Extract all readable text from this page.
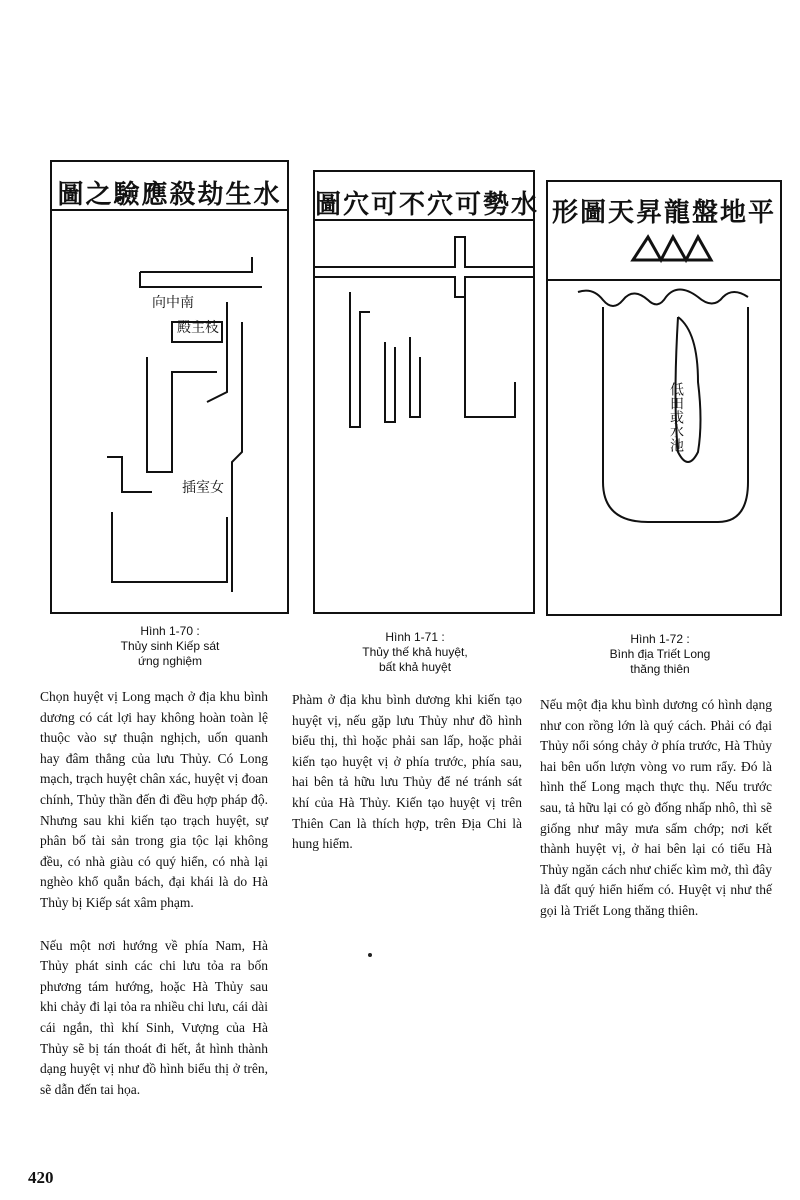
圖之驗應殺劫生水
向中南
殿主枝
插室女
Hình 1-70 :
Thủy sinh Kiếp sát
ứng nghiệm
圖穴可不穴可勢水
Hình 1-71 :
Thủy thế khả huyệt,
bất khả huyệt
形圖天昇龍盤地平
低田或水池
Hình 1-72 :
Bình địa Triết Long
thăng thiên

Chọn huyệt vị Long mạch ở địa khu bình dương có cát lợi hay không hoàn toàn lệ thuộc vào sự thuận nghịch, uốn quanh hay đâm thẳng của lưu Thủy. Có Long mạch, trạch huyệt chân xác, huyệt vị đoan chính, Thủy thần đến đi đều hợp pháp độ. Nhưng sau khi kiến tạo trạch huyệt, sự phân bố tài sản trong gia tộc lại không đều, có nhà giàu có quý hiển, có nhà lại nghèo khổ quẫn bách, đại khái là do Hà Thủy bị Kiếp sát xâm phạm.

Nếu một nơi hướng về phía Nam, Hà Thủy phát sinh các chi lưu tỏa ra bốn phương tám hướng, hoặc Hà Thủy sau khi chảy đi lại tỏa ra nhiều chi lưu, cái dài cái ngắn, thì khí Sinh, Vượng của Hà Thủy sẽ bị tán thoát đi hết, ắt hình thành dạng huyệt vị như đồ hình biểu thị ở trên, sẽ dẫn đến tai họa.

Phàm ở địa khu bình dương khi kiến tạo huyệt vị, nếu gặp lưu Thủy như đồ hình biểu thị, thì hoặc phải san lấp, hoặc phải kiến tạo huyệt vị ở phía trước, phía sau, hai bên tả hữu lưu Thủy để né tránh sát khí của Hà Thủy. Kiến tạo huyệt vị trên Thiên Can là thích hợp, trên Địa Chi là hung hiểm.

Nếu một địa khu bình dương có hình dạng như con rồng lớn là quý cách. Phải có đại Thủy nổi sóng chảy ở phía trước, Hà Thủy hai bên uốn lượn vòng vo rum rẩy. Đó là hình thế Long mạch thực thụ. Nếu trước sau, tả hữu lại có gò đống nhấp nhô, thì sẽ giống như mây mưa sấm chớp; nơi kết thành huyệt vị, ở hai bên lại có tiểu Hà Thủy ngăn cách như chiếc kìm mở, thì đây là đất quý hiển hiếm có. Huyệt vị như thế gọi là Triết Long thăng thiên.

420
